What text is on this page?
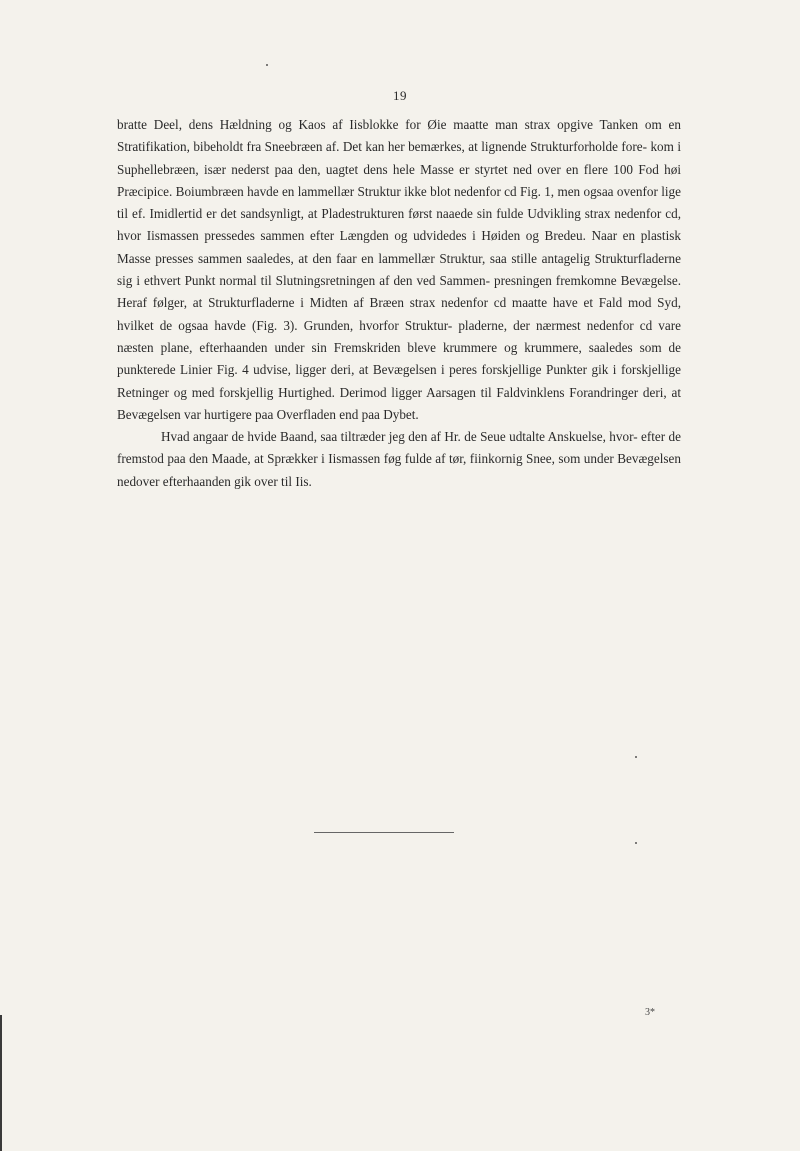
19

bratte Deel, dens Hældning og Kaos af Iisblokke for Øie maatte man strax opgive Tanken om en Stratifikation, bibeholdt fra Sneebræen af. Det kan her bemærkes, at lignende Strukturforholde fore- kom i Suphellebræen, især nederst paa den, uagtet dens hele Masse er styrtet ned over en flere 100 Fod høi Præcipice. Boiumbræen havde en lammellær Struktur ikke blot nedenfor cd Fig. 1, men ogsaa ovenfor lige til ef. Imidlertid er det sandsynligt, at Pladestrukturen først naaede sin fulde Udvikling strax nedenfor cd, hvor Iismassen pressedes sammen efter Længden og udvidedes i Høiden og Bredeu. Naar en plastisk Masse presses sammen saaledes, at den faar en lammellær Struktur, saa stille antagelig Strukturfladerne sig i ethvert Punkt normal til Slutningsretningen af den ved Sammen- presningen fremkomne Bevægelse. Heraf følger, at Strukturfladerne i Midten af Bræen strax nedenfor cd maatte have et Fald mod Syd, hvilket de ogsaa havde (Fig. 3). Grunden, hvorfor Struktur- pladerne, der nærmest nedenfor cd vare næsten plane, efterhaanden under sin Fremskriden bleve krummere og krummere, saaledes som de punkterede Linier Fig. 4 udvise, ligger deri, at Bevægelsen i peres forskjellige Punkter gik i forskjellige Retninger og med forskjellig Hurtighed. Derimod ligger Aarsagen til Faldvinklens Forandringer deri, at Bevægelsen var hurtigere paa Overfladen end paa Dybet.

Hvad angaar de hvide Baand, saa tiltræder jeg den af Hr. de Seue udtalte Anskuelse, hvor- efter de fremstod paa den Maade, at Sprækker i Iismassen føg fulde af tør, fiinkornig Snee, som under Bevægelsen nedover efterhaanden gik over til Iis.

3*
